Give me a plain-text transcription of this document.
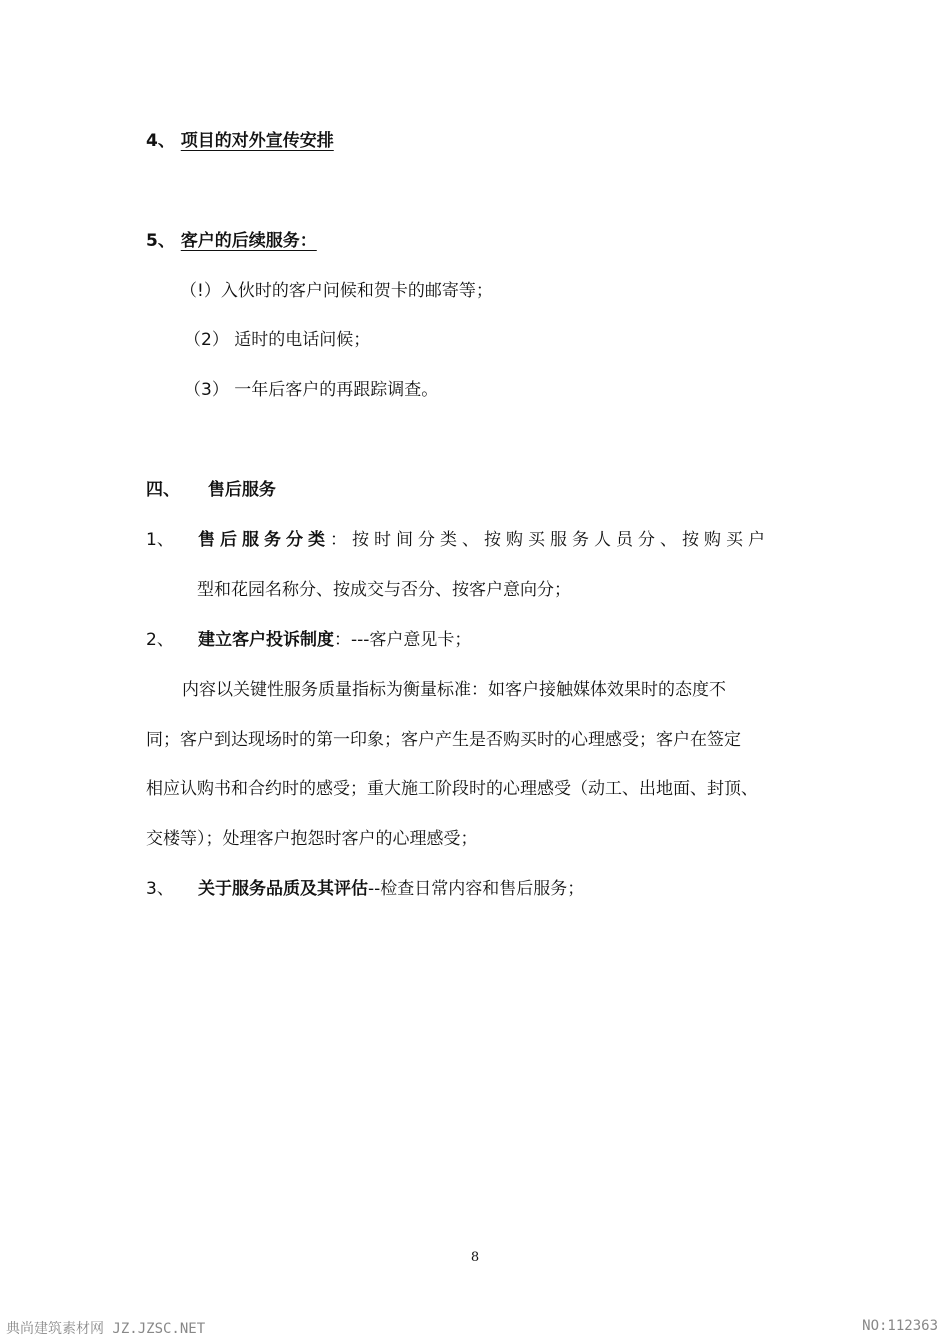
4、 项目的对外宣传安排
5、 客户的后续服务：
（!）入伙时的客户问候和贺卡的邮寄等；
（2） 适时的电话问候；
（3） 一年后客户的再跟踪调查。
四、 售后服务
1、 售后服务分类：按时间分类、按购买服务人员分、按购买户
型和花园名称分、按成交与否分、按客户意向分；
2、 建立客户投诉制度：---客户意见卡；
内容以关键性服务质量指标为衡量标准：如客户接触媒体效果时的态度不
同；客户到达现场时的第一印象；客户产生是否购买时的心理感受；客户在签定
相应认购书和合约时的感受；重大施工阶段时的心理感受（动工、出地面、封顶、
交楼等）；处理客户抱怨时客户的心理感受；
3、 关于服务品质及其评估--检查日常内容和售后服务；
8
典尚建筑素材网 JZ.JZSC.NET	NO:112363
